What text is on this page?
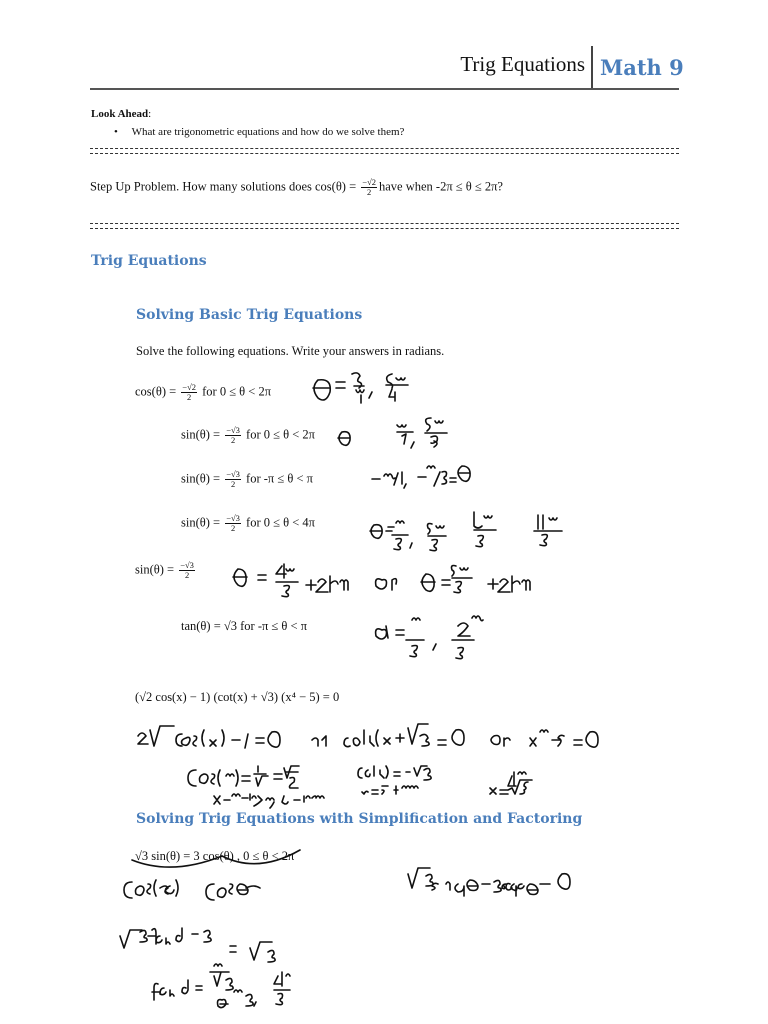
Trig Equations Math 9
Look Ahead:
• What are trigonometric equations and how do we solve them?
Step Up Problem. How many solutions does $\cos(\theta) = \frac{-√2}{2}$ have when -2π ≤ θ ≤ 2π?
Trig Equations
Solving Basic Trig Equations
Solve the following equations. Write your answers in radians.
$\cos(\theta) = \frac{-√2}{2}$ for 0 ≤ θ < 2π
$\sin(\theta) = \frac{-√3}{2}$ for 0 ≤ θ < 2π
$\sin(\theta) = \frac{-√3}{2}$ for -π ≤ θ < π
$\sin(\theta) = \frac{-√3}{2}$ for 0 ≤ θ < 4π
$\sin(\theta) = \frac{-√3}{2}$
tan(θ) = √3 for -π ≤ θ < π
(√2 cos(x) − 1) (cot(x) + √3) (x⁴ − 5) = 0
Solving Trig Equations with Simplification and Factoring
√3 sin(θ) = 3 cos(θ) , 0 ≤ θ < 2π
